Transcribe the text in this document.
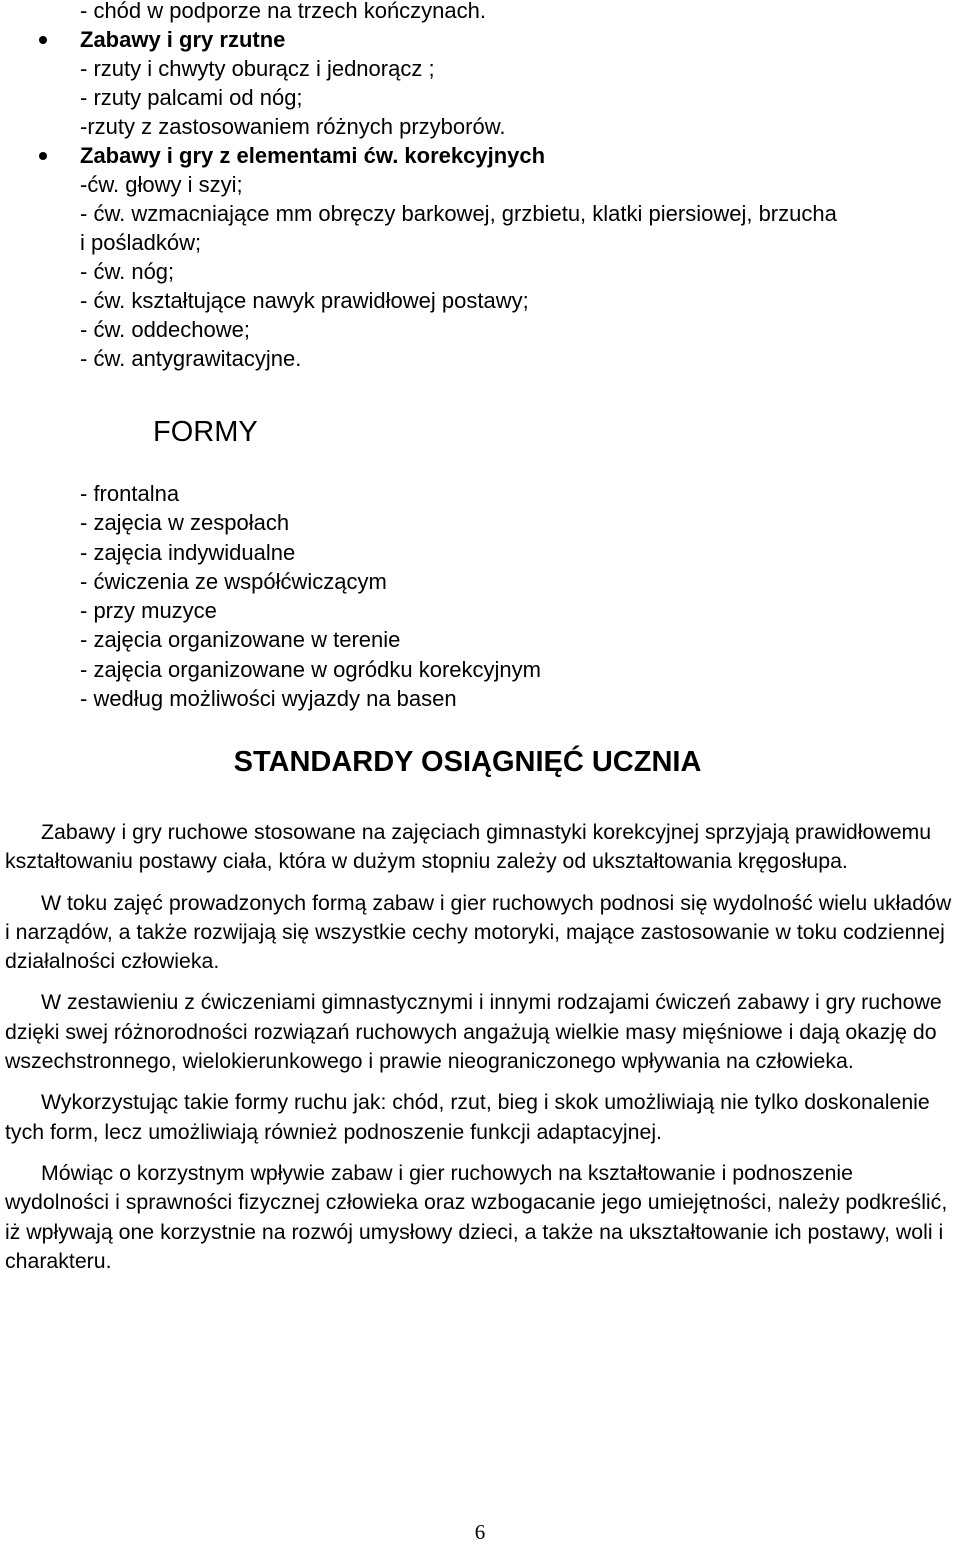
- chód w podporze na trzech kończynach.
Zabawy i gry rzutne
- rzuty i chwyty oburącz i jednorącz ;
- rzuty palcami od nóg;
-rzuty z zastosowaniem różnych przyborów.
Zabawy i gry z elementami ćw. korekcyjnych
-ćw. głowy i szyi;
- ćw. wzmacniające mm obręczy barkowej, grzbietu, klatki piersiowej, brzucha
i pośladków;
- ćw. nóg;
- ćw. kształtujące nawyk prawidłowej postawy;
- ćw. oddechowe;
- ćw. antygrawitacyjne.
FORMY
- frontalna
- zajęcia w zespołach
- zajęcia indywidualne
- ćwiczenia ze współćwiczącym
- przy muzyce
- zajęcia organizowane w terenie
- zajęcia organizowane w ogródku korekcyjnym
- według możliwości wyjazdy na basen
STANDARDY OSIĄGNIĘĆ UCZNIA

Zabawy i gry ruchowe stosowane na zajęciach gimnastyki korekcyjnej sprzyjają prawidłowemu kształtowaniu postawy ciała, która w dużym stopniu zależy od ukształtowania kręgosłupa.

W toku zajęć prowadzonych formą zabaw i gier ruchowych podnosi się wydolność wielu układów i narządów, a także rozwijają się wszystkie cechy motoryki, mające zastosowanie w toku codziennej działalności człowieka.

W zestawieniu z ćwiczeniami gimnastycznymi i innymi rodzajami ćwiczeń zabawy i gry ruchowe dzięki swej różnorodności rozwiązań ruchowych angażują wielkie masy mięśniowe i dają okazję do wszechstronnego, wielokierunkowego i prawie nieograniczonego wpływania na człowieka.

Wykorzystując takie formy ruchu jak: chód, rzut, bieg i skok umożliwiają nie tylko doskonalenie tych form, lecz umożliwiają również podnoszenie funkcji adaptacyjnej.

Mówiąc o korzystnym wpływie zabaw i gier ruchowych na kształtowanie i podnoszenie wydolności i sprawności fizycznej człowieka oraz wzbogacanie jego umiejętności, należy podkreślić, iż wpływają one korzystnie na rozwój umysłowy dzieci, a także na ukształtowanie ich postawy, woli i charakteru.

6
